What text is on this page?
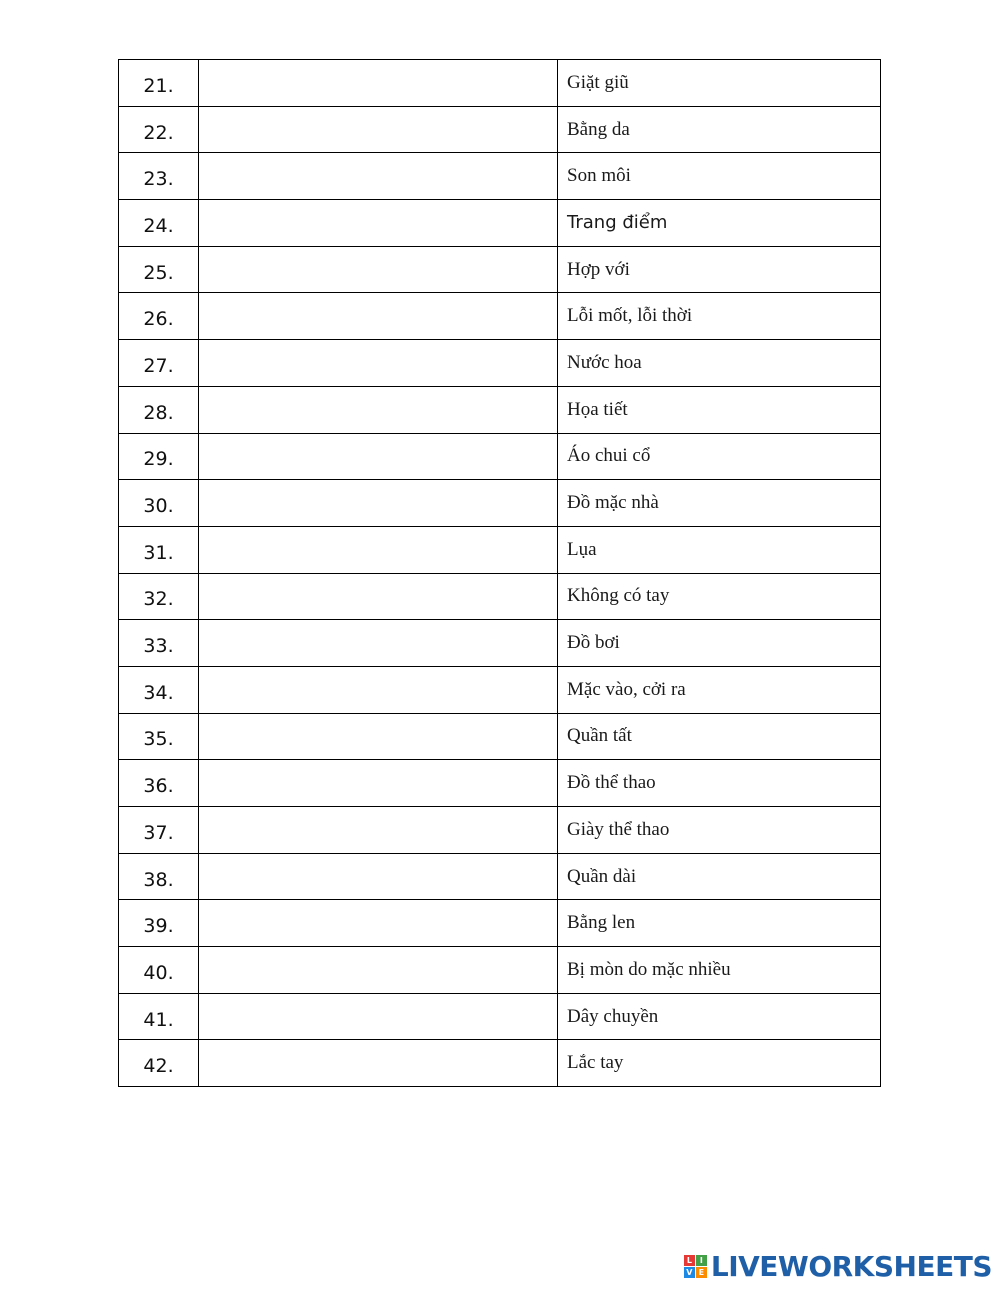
21.		Giặt giũ
22.		Bằng da
23.		Son môi
24.		Trang điểm
25.		Hợp với
26.		Lỗi mốt, lỗi thời
27.		Nước hoa
28.		Họa tiết
29.		Áo chui cổ
30.		Đồ mặc nhà
31.		Lụa
32.		Không có tay
33.		Đồ bơi
34.		Mặc vào, cởi ra
35.		Quần tất
36.		Đồ thể thao
37.		Giày thể thao
38.		Quần dài
39.		Bằng len
40.		Bị mòn do mặc nhiều
41.		Dây chuyền
42.		Lắc tay
L I
V E LIVEWORKSHEETS
